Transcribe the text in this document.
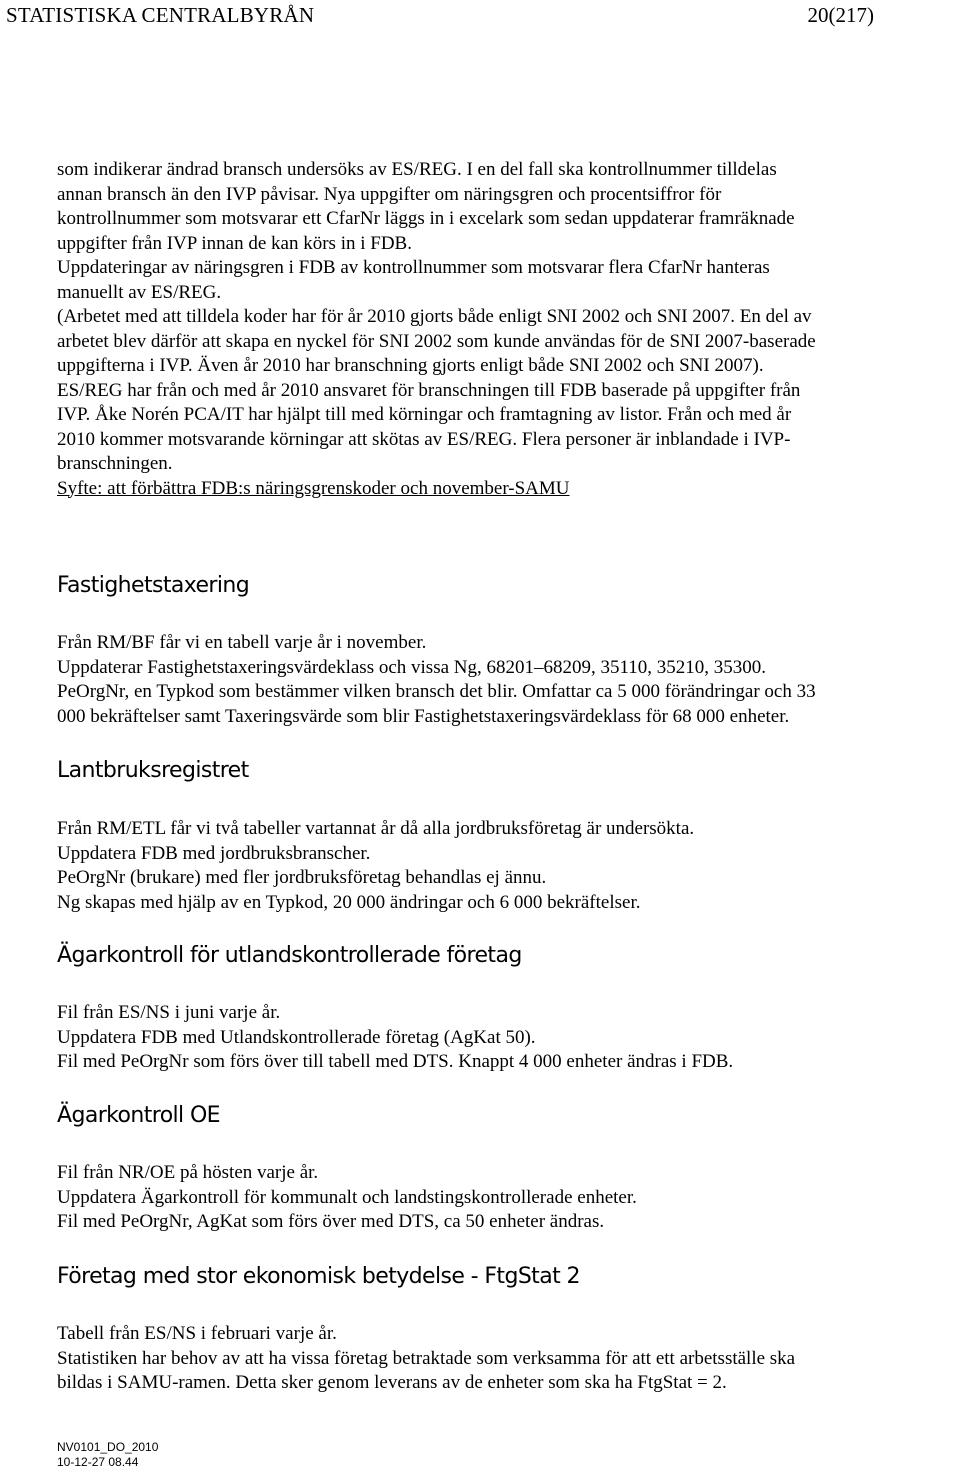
STATISTISKA CENTRALBYRÅN	20(217)
som indikerar ändrad bransch undersöks av ES/REG. I en del fall ska kontrollnummer tilldelas
annan bransch än den IVP påvisar. Nya uppgifter om näringsgren och procentsiffror för
kontrollnummer som motsvarar ett CfarNr läggs in i excelark som sedan uppdaterar framräknade
uppgifter från IVP innan de kan körs in i FDB.
Uppdateringar av näringsgren i FDB av kontrollnummer som motsvarar flera CfarNr hanteras
manuellt av ES/REG.
(Arbetet med att tilldela koder har för år 2010 gjorts både enligt SNI 2002 och SNI 2007. En del av
arbetet blev därför att skapa en nyckel för SNI 2002 som kunde användas för de SNI 2007-baserade
uppgifterna i IVP. Även år 2010 har branschning gjorts enligt både SNI 2002 och SNI 2007).
ES/REG har från och med år 2010 ansvaret för branschningen till FDB baserade på uppgifter från
IVP. Åke Norén PCA/IT har hjälpt till med körningar och framtagning av listor. Från och med år
2010 kommer motsvarande körningar att skötas av ES/REG. Flera personer är inblandade i IVP-
branschningen.
Syfte: att förbättra FDB:s näringsgrenskoder och november-SAMU
Fastighetstaxering
Från RM/BF får vi en tabell varje år i november.
Uppdaterar Fastighetstaxeringsvärdeklass och vissa Ng, 68201–68209, 35110, 35210, 35300.
PeOrgNr, en Typkod som bestämmer vilken bransch det blir. Omfattar ca 5 000 förändringar och 33
000 bekräftelser samt Taxeringsvärde som blir Fastighetstaxeringsvärdeklass för 68 000 enheter.
Lantbruksregistret
Från RM/ETL får vi två tabeller vartannat år då alla jordbruksföretag är undersökta.
Uppdatera FDB med jordbruksbranscher.
PeOrgNr (brukare) med fler jordbruksföretag behandlas ej ännu.
Ng skapas med hjälp av en Typkod, 20 000 ändringar och 6 000 bekräftelser.
Ägarkontroll för utlandskontrollerade företag
Fil från ES/NS i juni varje år.
Uppdatera FDB med Utlandskontrollerade företag (AgKat 50).
Fil med PeOrgNr som förs över till tabell med DTS. Knappt 4 000 enheter ändras i FDB.
Ägarkontroll OE
Fil från NR/OE på hösten varje år.
Uppdatera Ägarkontroll för kommunalt och landstingskontrollerade enheter.
Fil med PeOrgNr, AgKat som förs över med DTS, ca 50 enheter ändras.
Företag med stor ekonomisk betydelse - FtgStat 2
Tabell från ES/NS i februari varje år.
Statistiken har behov av att ha vissa företag betraktade som verksamma för att ett arbetsställe ska
bildas i SAMU-ramen. Detta sker genom leverans av de enheter som ska ha FtgStat = 2.
NV0101_DO_2010
10-12-27 08.44
